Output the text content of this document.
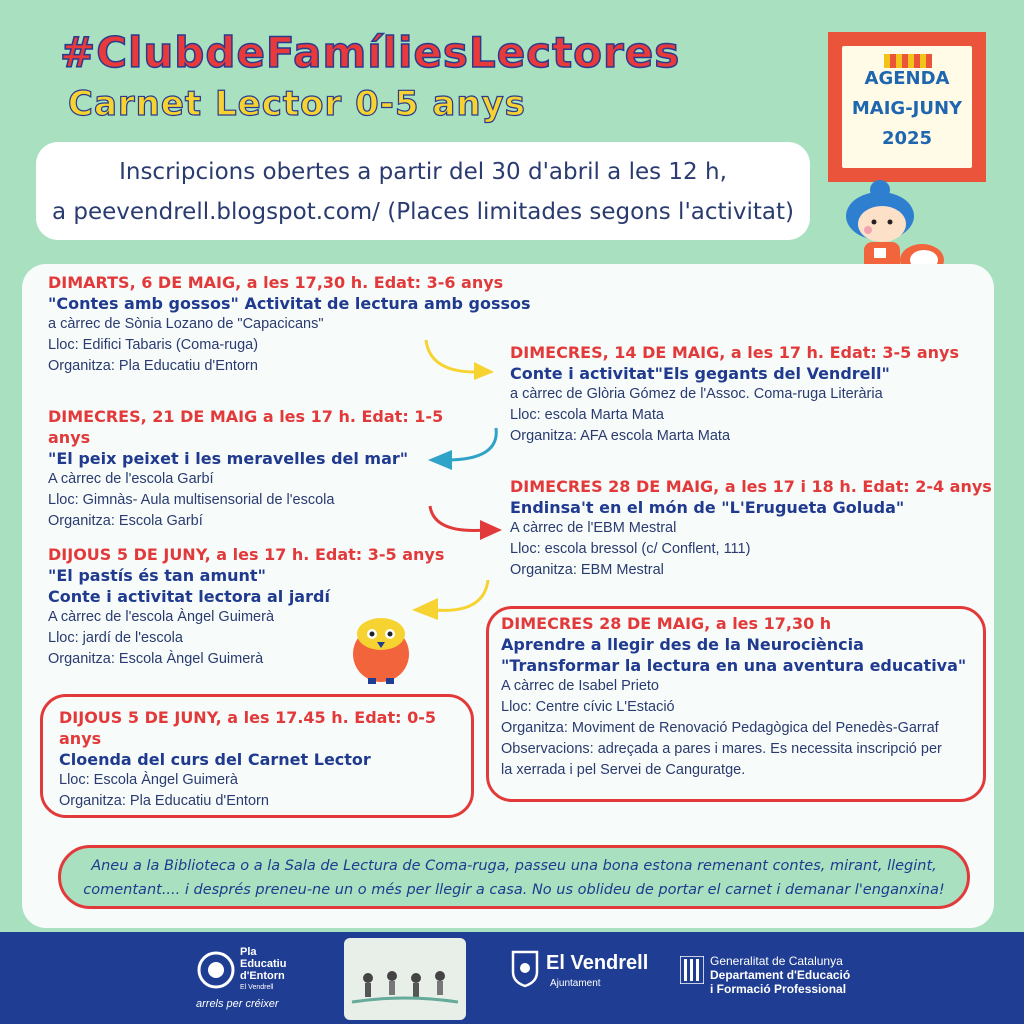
#ClubdeFamíliesLectores
Carnet Lector 0-5 anys
AGENDA
MAIG-JUNY
2025
Inscripcions obertes a partir del 30 d'abril a les 12 h,
a peevendrell.blogspot.com/ (Places limitades segons l'activitat)
DIMARTS, 6 DE MAIG, a les 17,30 h. Edat: 3-6 anys
"Contes amb gossos" Activitat de lectura amb gossos
a càrrec de Sònia Lozano de "Capacicans"
Lloc: Edifici Tabaris (Coma-ruga)
Organitza: Pla Educatiu d'Entorn
DIMECRES, 14 DE MAIG, a les 17 h. Edat: 3-5 anys
Conte i activitat"Els gegants del Vendrell"
a càrrec de Glòria Gómez de l'Assoc. Coma-ruga Literària
Lloc: escola Marta Mata
Organitza: AFA escola Marta Mata
DIMECRES, 21 DE MAIG a les 17 h. Edat: 1-5 anys
"El peix peixet i les meravelles del mar"
A càrrec de l'escola Garbí
Lloc: Gimnàs- Aula multisensorial de l'escola
Organitza: Escola Garbí
DIMECRES 28 DE MAIG, a les 17 i 18 h. Edat: 2-4 anys
Endinsa't en el món de "L'Erugueta Goluda"
A càrrec de l'EBM Mestral
Lloc: escola bressol (c/ Conflent, 111)
Organitza: EBM Mestral
DIJOUS 5 DE JUNY, a les 17 h. Edat: 3-5 anys
"El pastís és tan amunt"
Conte i activitat lectora al jardí
A càrrec de l'escola Àngel Guimerà
Lloc: jardí de l'escola
Organitza: Escola Àngel Guimerà
DIMECRES 28 DE MAIG, a les 17,30 h
Aprendre a llegir des de la Neurociència
"Transformar la lectura en una aventura educativa"
A càrrec de Isabel Prieto
Lloc: Centre cívic L'Estació
Organitza: Moviment de Renovació Pedagògica del Penedès-Garraf
Observacions: adreçada a pares i mares. Es necessita inscripció per
la xerrada i pel Servei de Canguratge.
DIJOUS 5 DE JUNY, a les 17.45 h. Edat: 0-5 anys
Cloenda del curs del Carnet Lector
Lloc: Escola Àngel Guimerà
Organitza: Pla Educatiu d'Entorn
Aneu a la Biblioteca o a la Sala de Lectura de Coma-ruga, passeu una bona estona remenant contes, mirant, llegint,
comentant.... i després preneu-ne un o més per llegir a casa. No us oblideu de portar el carnet i demanar l'enganxina!
Pla
Educatiu
d'Entorn
El Vendrell
arrels per créixer
El Vendrell
Ajuntament
Generalitat de Catalunya
Departament d'Educació
i Formació Professional
